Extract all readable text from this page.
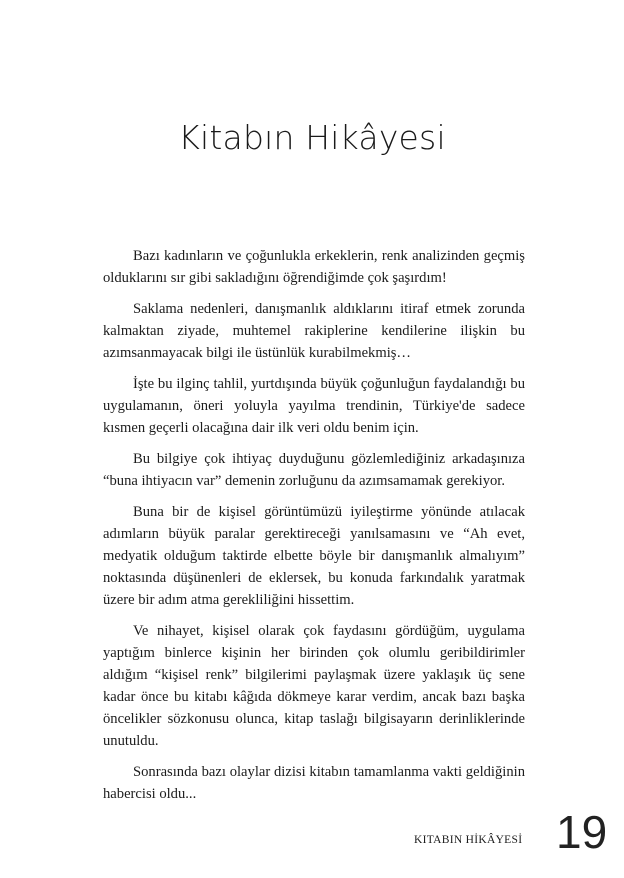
Kitabın Hikâyesi

Bazı kadınların ve çoğunlukla erkeklerin, renk analizinden geçmiş olduklarını sır gibi sakladığını öğrendiğimde çok şaşırdım!

Saklama nedenleri, danışmanlık aldıklarını itiraf etmek zorunda kalmaktan ziyade, muhtemel rakiplerine kendilerine ilişkin bu azımsanmayacak bilgi ile üstünlük kurabilmekmiş…

İşte bu ilginç tahlil, yurtdışında büyük çoğunluğun faydalandığı bu uygulamanın, öneri yoluyla yayılma trendinin, Türkiye'de sadece kısmen geçerli olacağına dair ilk veri oldu benim için.

Bu bilgiye çok ihtiyaç duyduğunu gözlemlediğiniz arkadaşınıza “buna ihtiyacın var” demenin zorluğunu da azımsamamak gerekiyor.

Buna bir de kişisel görüntümüzü iyileştirme yönünde atılacak adımların büyük paralar gerektireceği yanılsamasını ve “Ah evet, medyatik olduğum taktirde elbette böyle bir danışmanlık almalıyım” noktasında düşünenleri de eklersek, bu konuda farkındalık yaratmak üzere bir adım atma gerekliliğini hissettim.

Ve nihayet, kişisel olarak çok faydasını gördüğüm, uygulama yaptığım binlerce kişinin her birinden çok olumlu geribildirimler aldığım “kişisel renk” bilgilerimi paylaşmak üzere yaklaşık üç sene kadar önce bu kitabı kâğıda dökmeye karar verdim, ancak bazı başka öncelikler sözkonusu olunca, kitap taslağı bilgisayarın derinliklerinde unutuldu.

Sonrasında bazı olaylar dizisi kitabın tamamlanma vakti geldiğinin habercisi oldu...

KITABIN HİKÂYESİ 19
